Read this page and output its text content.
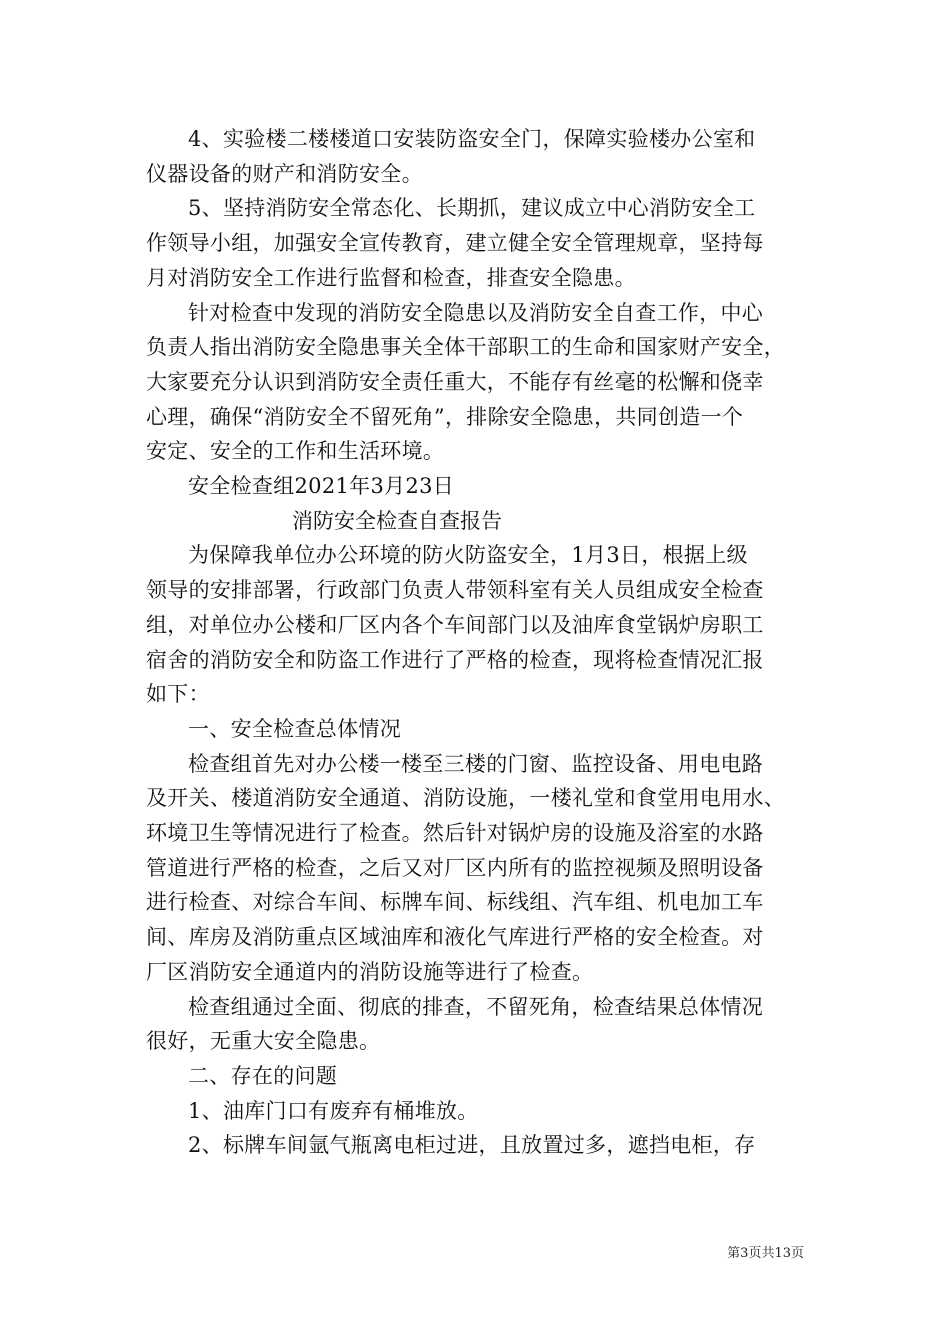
4、实验楼二楼楼道口安装防盗安全门，保障实验楼办公室和
仪器设备的财产和消防安全。

5、坚持消防安全常态化、长期抓，建议成立中心消防安全工
作领导小组，加强安全宣传教育，建立健全安全管理规章，坚持每
月对消防安全工作进行监督和检查，排查安全隐患。

针对检查中发现的消防安全隐患以及消防安全自查工作，中心
负责人指出消防安全隐患事关全体干部职工的生命和国家财产安全，
大家要充分认识到消防安全责任重大，不能存有丝毫的松懈和侥幸
心理，确保“消防安全不留死角”，排除安全隐患，共同创造一个
安定、安全的工作和生活环境。

安全检查组2021年3月23日

消防安全检查自查报告

为保障我单位办公环境的防火防盗安全，1月3日，根据上级
领导的安排部署，行政部门负责人带领科室有关人员组成安全检查
组，对单位办公楼和厂区内各个车间部门以及油库食堂锅炉房职工
宿舍的消防安全和防盗工作进行了严格的检查，现将检查情况汇报
如下：

一、安全检查总体情况

检查组首先对办公楼一楼至三楼的门窗、监控设备、用电电路
及开关、楼道消防安全通道、消防设施，一楼礼堂和食堂用电用水、
环境卫生等情况进行了检查。然后针对锅炉房的设施及浴室的水路
管道进行严格的检查，之后又对厂区内所有的监控视频及照明设备
进行检查、对综合车间、标牌车间、标线组、汽车组、机电加工车
间、库房及消防重点区域油库和液化气库进行严格的安全检查。对
厂区消防安全通道内的消防设施等进行了检查。

检查组通过全面、彻底的排查，不留死角，检查结果总体情况
很好，无重大安全隐患。

二、存在的问题

1、油库门口有废弃有桶堆放。

2、标牌车间氩气瓶离电柜过进，且放置过多，遮挡电柜，存

第3页共13页
